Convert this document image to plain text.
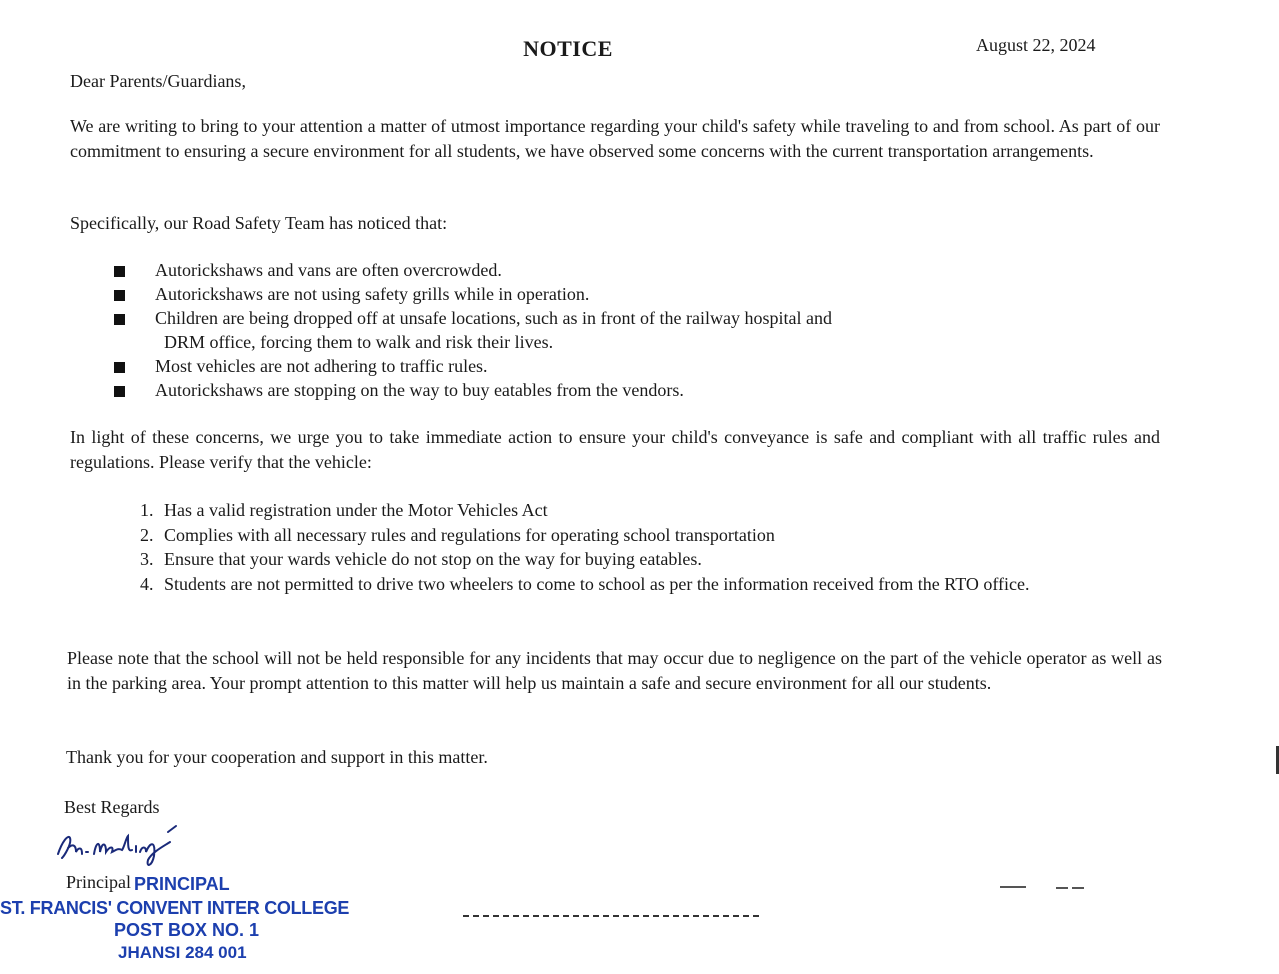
NOTICE	August 22, 2024
Dear Parents/Guardians,
We are writing to bring to your attention a matter of utmost importance regarding your child's safety while traveling to and from school. As part of our commitment to ensuring a secure environment for all students, we have observed some concerns with the current transportation arrangements.
Specifically, our Road Safety Team has noticed that:
Autorickshaws and vans are often overcrowded.
Autorickshaws are not using safety grills while in operation.
Children are being dropped off at unsafe locations, such as in front of the railway hospital and
DRM office, forcing them to walk and risk their lives.
Most vehicles are not adhering to traffic rules.
Autorickshaws are stopping on the way to buy eatables from the vendors.
In light of these concerns, we urge you to take immediate action to ensure your child's conveyance is safe and compliant with all traffic rules and regulations. Please verify that the vehicle:
1. Has a valid registration under the Motor Vehicles Act
2. Complies with all necessary rules and regulations for operating school transportation
3. Ensure that your wards vehicle do not stop on the way for buying eatables.
4. Students are not permitted to drive two wheelers to come to school as per the information received from the RTO office.
Please note that the school will not be held responsible for any incidents that may occur due to negligence on the part of the vehicle operator as well as in the parking area. Your prompt attention to this matter will help us maintain a safe and secure environment for all our students.
Thank you for your cooperation and support in this matter.
Best Regards
Principal PRINCIPAL
ST. FRANCIS' CONVENT INTER COLLEGE
POST BOX NO. 1
JHANSI 284 001
